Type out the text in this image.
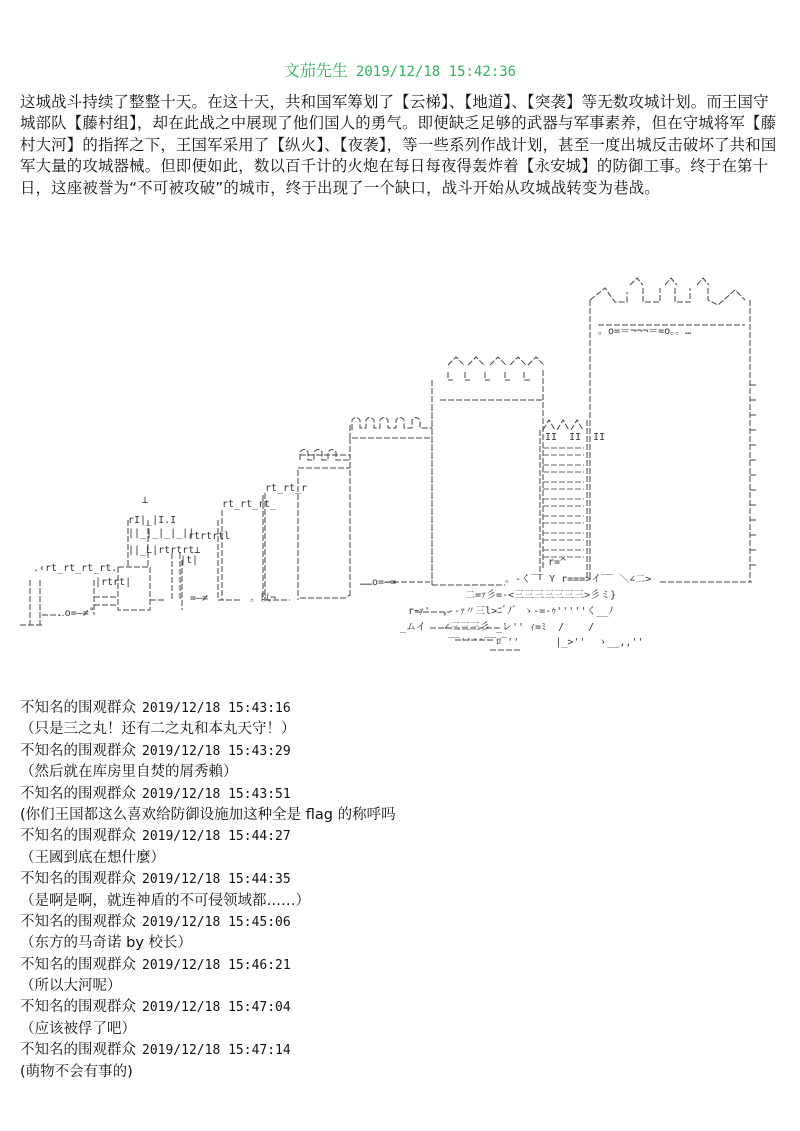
文茄先生 2019/12/18 15:42:36
这城战斗持续了整整十天。在这十天，共和国军筹划了【云梯】、【地道】、【突袭】等无数攻城计划。而王国守城部队【藤村组】，却在此战之中展现了他们国人的勇气。即便缺乏足够的武器与军事素养，但在守城将军【藤村大河】的指挥之下，王国军采用了【纵火】、【夜袭】，等一些系列作战计划，甚至一度出城反击破坏了共和国军大量的攻城器械。但即便如此，数以百千计的火炮在每日每夜得轰炸着【永安城】的防御工事。终于在第十日，这座被誉为“不可被攻破”的城市，终于出现了一个缺口，战斗开始从攻城战转变为巷战。
⊥
rI|_|I.I
||_|_|_|_||
||_L|rtrtrt⊥
.‹rt_rt_rt_rt.
|rtrt|
rtrtrtl
rt_rt_rt_
rt_rt_r
|t|
‥o=―≠˚
=―≠	。以¬
……o=―=	。-く‾‾ Y r===>イ‾‾ ＼∠二>
二=ｧ彡=-<三三三三三三三>彡ミ}
rｰｧ'  ,-‐ｧ〃三l>ﾆﾞﾉﾞ ゝ-=-ｩ'''''く__ﾉ
_ムイ   ∠三三三彡 _レ'' ｨ=ﾐ  /    /
‾‾''''‾‾ﾛ‾''      |_>''  ゝ__,,''
。o=＝¬¬¬＝=o。。…
r=^
II  II  II
不知名的围观群众 2019/12/18 15:43:16
（只是三之丸！还有二之丸和本丸天守！）
不知名的围观群众 2019/12/18 15:43:29
（然后就在库房里自焚的屑秀賴）
不知名的围观群众 2019/12/18 15:43:51
(你们王国都这么喜欢给防御设施加这种全是 flag 的称呼吗
不知名的围观群众 2019/12/18 15:44:27
（王國到底在想什麼）
不知名的围观群众 2019/12/18 15:44:35
（是啊是啊，就连神盾的不可侵领域都……）
不知名的围观群众 2019/12/18 15:45:06
（东方的马奇诺 by 校长）
不知名的围观群众 2019/12/18 15:46:21
（所以大河呢）
不知名的围观群众 2019/12/18 15:47:04
（应该被俘了吧）
不知名的围观群众 2019/12/18 15:47:14
(萌物不会有事的)
